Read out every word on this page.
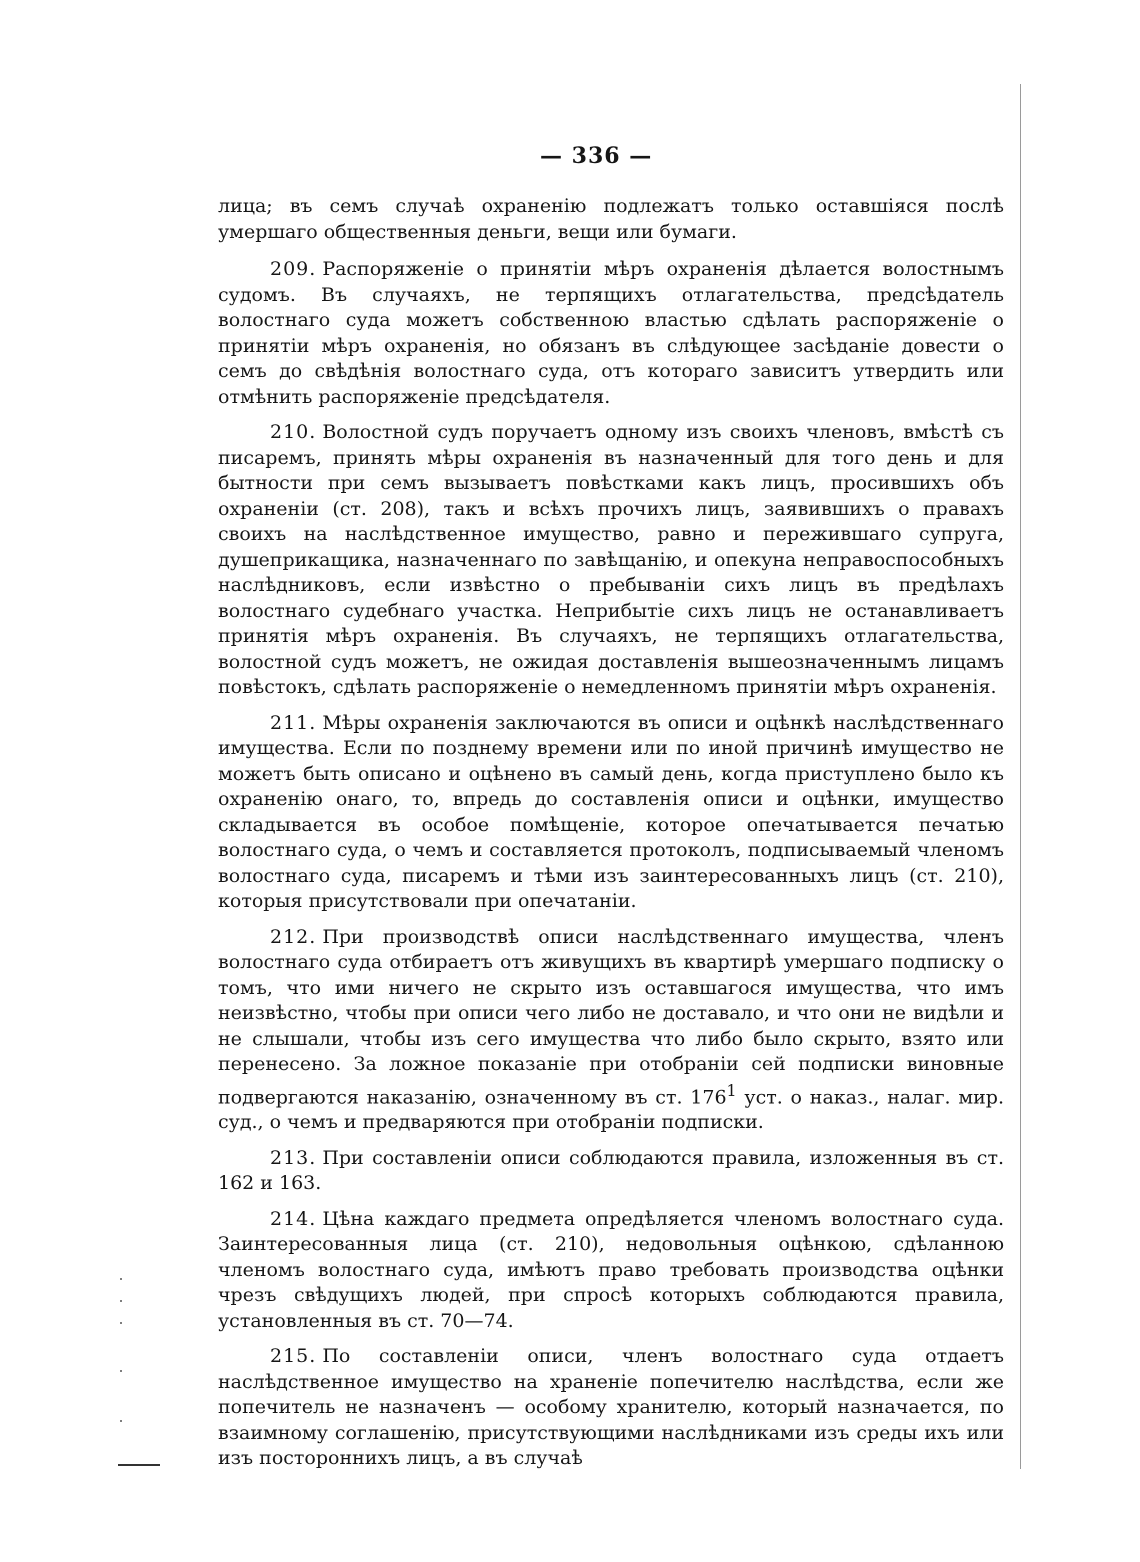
— 336 —

лица; въ семъ случаѣ охраненію подлежатъ только оставшіяся послѣ умершаго общественныя деньги, вещи или бумаги.

209. Распоряженіе о принятіи мѣръ охраненія дѣлается волостнымъ судомъ. Въ случаяхъ, не терпящихъ отлагательства, предсѣдатель волостнаго суда можетъ собственною властью сдѣлать распоряженіе о принятіи мѣръ охраненія, но обязанъ въ слѣдующее засѣданіе довести о семъ до свѣдѣнія волостнаго суда, отъ котораго зависитъ утвердить или отмѣнить распоряженіе предсѣдателя.

210. Волостной судъ поручаетъ одному изъ своихъ членовъ, вмѣстѣ съ писаремъ, принять мѣры охраненія въ назначенный для того день и для бытности при семъ вызываетъ повѣстками какъ лицъ, просившихъ объ охраненіи (ст. 208), такъ и всѣхъ прочихъ лицъ, заявившихъ о правахъ своихъ на наслѣдственное имущество, равно и пережившаго супруга, душеприкащика, назначеннаго по завѣщанію, и опекуна неправоспособныхъ наслѣдниковъ, если извѣстно о пребываніи сихъ лицъ въ предѣлахъ волостнаго судебнаго участка. Неприбытіе сихъ лицъ не останавливаетъ принятія мѣръ охраненія. Въ случаяхъ, не терпящихъ отлагательства, волостной судъ можетъ, не ожидая доставленія вышеозначеннымъ лицамъ повѣстокъ, сдѣлать распоряженіе о немедленномъ принятіи мѣръ охраненія.

211. Мѣры охраненія заключаются въ описи и оцѣнкѣ наслѣдственнаго имущества. Если по позднему времени или по иной причинѣ имущество не можетъ быть описано и оцѣнено въ самый день, когда приступлено было къ охраненію онаго, то, впредь до составленія описи и оцѣнки, имущество складывается въ особое помѣщеніе, которое опечатывается печатью волостнаго суда, о чемъ и составляется протоколъ, подписываемый членомъ волостнаго суда, писаремъ и тѣми изъ заинтересованныхъ лицъ (ст. 210), которыя присутствовали при опечатаніи.

212. При производствѣ описи наслѣдственнаго имущества, членъ волостнаго суда отбираетъ отъ живущихъ въ квартирѣ умершаго подписку о томъ, что ими ничего не скрыто изъ оставшагося имущества, что имъ неизвѣстно, чтобы при описи чего либо не доставало, и что они не видѣли и не слышали, чтобы изъ сего имущества что либо было скрыто, взято или перенесено. За ложное показаніе при отобраніи сей подписки виновные подвергаются наказанію, означенному въ ст. $176^1$ уст. о наказ., налаг. мир. суд., о чемъ и предваряются при отобраніи подписки.

213. При составленіи описи соблюдаются правила, изложенныя въ ст. 162 и 163.

214. Цѣна каждаго предмета опредѣляется членомъ волостнаго суда. Заинтересованныя лица (ст. 210), недовольныя оцѣнкою, сдѣланною членомъ волостнаго суда, имѣютъ право требовать производства оцѣнки чрезъ свѣдущихъ людей, при спросѣ которыхъ соблюдаются правила, установленныя въ ст. 70—74.

215. По составленіи описи, членъ волостнаго суда отдаетъ наслѣдственное имущество на храненіе попечителю наслѣдства, если же попечитель не назначенъ — особому хранителю, который назначается, по взаимному соглашенію, присутствующими наслѣдниками изъ среды ихъ или изъ постороннихъ лицъ, а въ случаѣ
